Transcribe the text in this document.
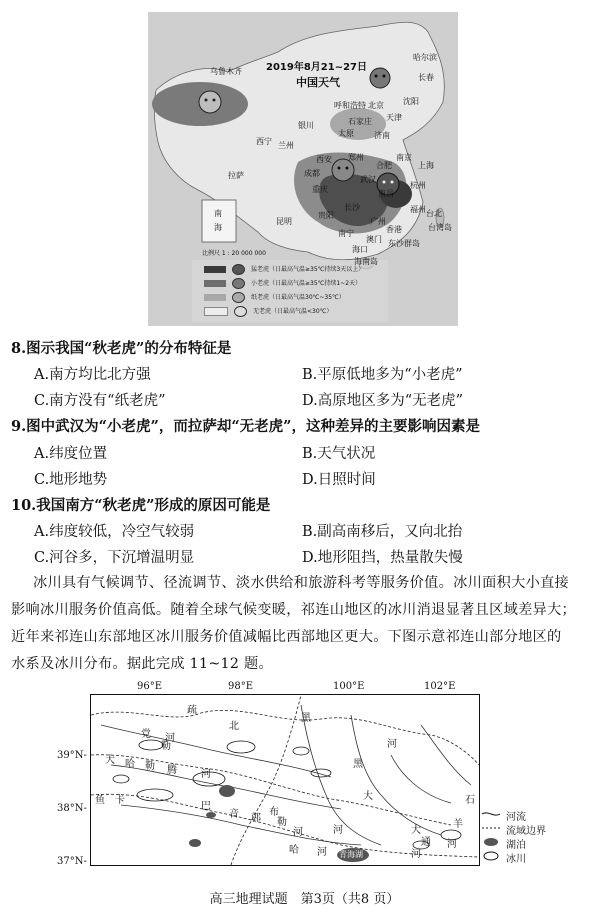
2019年8月21~27日
中国天气
哈尔滨
长春
沈阳
乌鲁木齐
呼和浩特 北京
天津
石家庄
太原
银川
济南
西宁 兰州
西安 郑州
合肥
南京
上海
杭州
拉萨	成都
重庆
武汉
长沙
南昌
福州
贵阳
昆明	广州
南宁
海口
台北
香港
澳门
台湾岛
海南岛
东沙群岛
南
海
比例尺 1 : 20 000 000
猛老虎（日最高气温≥35℃持续3天以上）
小老虎（日最高气温≥35℃持续1~2天）
纸老虎（日最高气温30℃~35℃）
无老虎（日最高气温<30℃）
8.图示我国“秋老虎”的分布特征是
A.南方均比北方强	B.平原低地多为“小老虎”
C.南方没有“纸老虎”	D.高原地区多为“无老虎”
9.图中武汉为“小老虎”，而拉萨却“无老虎”，这种差异的主要影响因素是
A.纬度位置	B.天气状况
C.地形地势	D.日照时间
10.我国南方“秋老虎”形成的原因可能是
A.纬度较低，冷空气较弱	B.副高南移后，又向北抬
C.河谷多，下沉增温明显	D.地形阻挡，热量散失慢
冰川具有气候调节、径流调节、淡水供给和旅游科考等服务价值。冰川面积大小直接
影响冰川服务价值高低。随着全球气候变暖，祁连山地区的冰川消退显著且区域差异大；
近年来祁连山东部地区冰川服务价值减幅比西部地区更大。下图示意祁连山部分地区的
水系及冰川分布。据此完成 11~12 题。
96°E	98°E	100°E	102°E
39°N-
38°N-
37°N-
疏
北
黑
党 河
勒	河
大 哈 勒 腾 河
鱼 卡
巴
音 郭 勒
河
布
哈 河
石
羊
河
大
通
河
青海湖
河
大
黑
河流
流域边界
湖泊
冰川
高三地理试题　第3页（共8 页）
